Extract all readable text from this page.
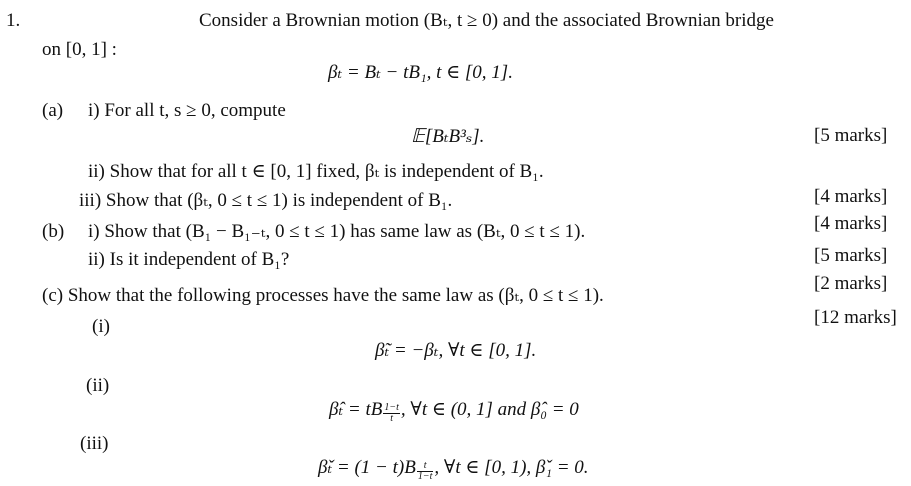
1.	Consider a Brownian motion (Bₜ, t ≥ 0) and the associated Brownian bridge
on [0, 1] :
βₜ = Bₜ − tB₁, t ∈ [0, 1].
(a) i) For all t, s ≥ 0, compute
𝔼[BₜB³ₛ].	[5 marks]
ii) Show that for all t ∈ [0, 1] fixed, βₜ is independent of B₁.
iii) Show that (βₜ, 0 ≤ t ≤ 1) is independent of B₁.	[4 marks]
[4 marks]
(b) i) Show that (B₁ − B₁₋ₜ, 0 ≤ t ≤ 1) has same law as (Bₜ, 0 ≤ t ≤ 1).
ii) Is it independent of B₁?	[5 marks]
[2 marks]
(c) Show that the following processes have the same law as (βₜ, 0 ≤ t ≤ 1).
[12 marks]
(i)
β̃ₜ = −βₜ, ∀t ∈ [0, 1].
(ii)
β̂ₜ = tB $\frac{1-t}{t}$ , ∀t ∈ (0, 1] and β̂₀ = 0
(iii)
β̌ₜ = $(1 - t)B \frac{t}{1-t}$ , ∀t ∈ [0, 1), β̌₁ = 0.
